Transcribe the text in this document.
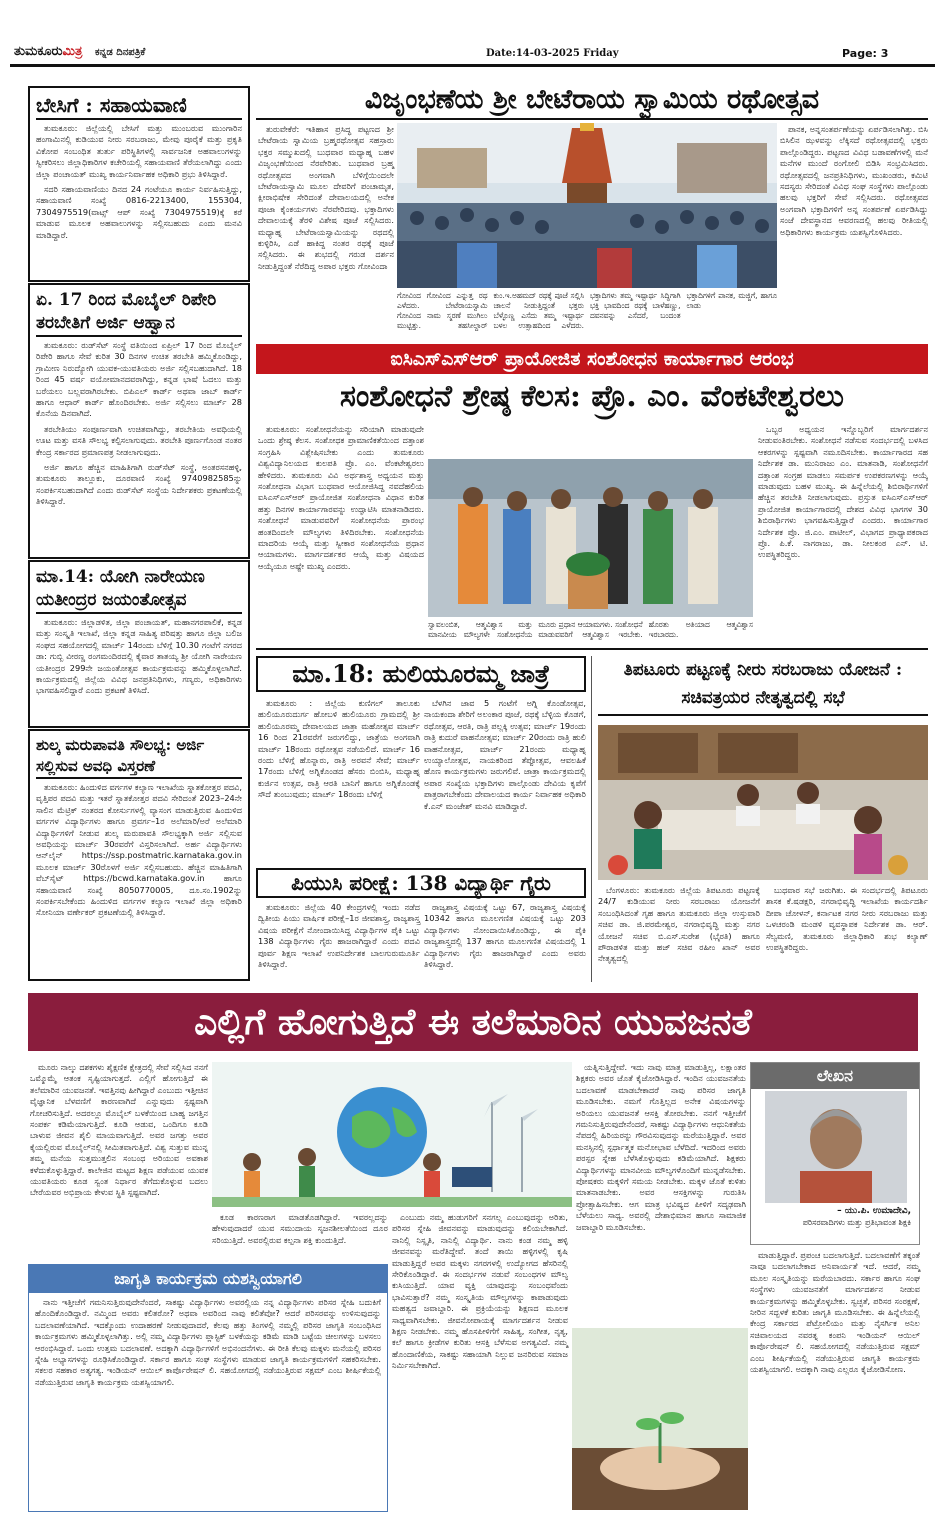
ತುಮಕೂರುಮಿತ್ರ ಕನ್ನಡ ದಿನಪತ್ರಿಕೆ	Date:14-03-2025 Friday	Page: 3
ಬೇಸಿಗೆ : ಸಹಾಯವಾಣಿ

ತುಮಕೂರು: ಜಿಲ್ಲೆಯಲ್ಲಿ ಬೇಸಿಗೆ ಮತ್ತು ಮುಂಬರುವ ಮುಂಗಾರಿನ ಹಂಗಾಮಿನಲ್ಲಿ ಕುಡಿಯುವ ನೀರು ಸರಬರಾಜು, ಮೇವು ಪೂರೈಕೆ ಮತ್ತು ಪ್ರಕೃತಿ ವಿಕೋಪ ಸಂಬಂಧಿತ ತುರ್ತು ಪರಿಸ್ಥಿತಿಗಳಲ್ಲಿ ಸಾರ್ವಜನಿಕ ಅಹವಾಲುಗಳನ್ನು ಸ್ವೀಕರಿಸಲು ಜಿಲ್ಲಾಧಿಕಾರಿಗಳ ಕಚೇರಿಯಲ್ಲಿ ಸಹಾಯವಾಣಿ ತೆರೆಯಲಾಗಿದ್ದು ಎಂದು ಜಿಲ್ಲಾ ಪಂಚಾಯತ್ ಮುಖ್ಯ ಕಾರ್ಯನಿರ್ವಾಹಕ ಅಧಿಕಾರಿ ಪ್ರಭು ತಿಳಿಸಿದ್ದಾರೆ.

ಸದರಿ ಸಹಾಯವಾಣಿಯು ದಿನದ 24 ಗಂಟೆಯೂ ಕಾರ್ಯ ನಿರ್ವಹಿಸುತ್ತಿದ್ದು, ಸಹಾಯವಾಣಿ ಸಂಖ್ಯೆ 0816-2213400, 155304, 7304975519(ವಾಟ್ಸ್ ಆಪ್ ಸಂಖ್ಯೆ 7304975519)ಕ್ಕೆ ಕರೆ ಮಾಡುವ ಮೂಲಕ ಅಹವಾಲುಗಳನ್ನು ಸಲ್ಲಿಸಬಹುದು ಎಂದು ಮನವಿ ಮಾಡಿದ್ದಾರೆ.

ಏ. 17 ರಿಂದ ಮೊಬೈಲ್ ರಿಪೇರಿ ತರಬೇತಿಗೆ ಅರ್ಜಿ ಆಹ್ವಾನ

ತುಮಕೂರು: ರುಡ್‌ಸೆಟ್ ಸಂಸ್ಥೆ ವತಿಯಿಂದ ಏಪ್ರಿಲ್ 17 ರಿಂದ ಮೊಬೈಲ್ ರಿಪೇರಿ ಹಾಗೂ ಸೇವೆ ಕುರಿತ 30 ದಿನಗಳ ಉಚಿತ ತರಬೇತಿ ಹಮ್ಮಿಕೊಂಡಿದ್ದು, ಗ್ರಾಮೀಣ ನಿರುದ್ಯೋಗಿ ಯುವಕ-ಯುವತಿಯರು ಅರ್ಜಿ ಸಲ್ಲಿಸಬಹುದಾಗಿದೆ. 18 ರಿಂದ 45 ವರ್ಷ ವಯೋಮಾನದವರಾಗಿದ್ದು, ಕನ್ನಡ ಭಾಷೆ ಓದಲು ಮತ್ತು ಬರೆಯಲು ಬಲ್ಲವರಾಗಿರಬೇಕು. ಬಿಪಿಎಲ್ ಕಾರ್ಡ್ ಅಥವಾ ಜಾಬ್ ಕಾರ್ಡ್ ಹಾಗೂ ಆಧಾರ್ ಕಾರ್ಡ್ ಹೊಂದಿರಬೇಕು. ಅರ್ಜಿ ಸಲ್ಲಿಸಲು ಮಾರ್ಚ್ 28 ಕೊನೆಯ ದಿನವಾಗಿದೆ.

ತರಬೇತಿಯು ಸಂಪೂರ್ಣವಾಗಿ ಉಚಿತವಾಗಿದ್ದು, ತರಬೇತಿಯ ಅವಧಿಯಲ್ಲಿ ಊಟ ಮತ್ತು ವಸತಿ ಸೌಲಭ್ಯ ಕಲ್ಪಿಸಲಾಗುವುದು. ತರಬೇತಿ ಪೂರ್ಣಗೊಂಡ ನಂತರ ಕೇಂದ್ರ ಸರ್ಕಾರದ ಪ್ರಮಾಣಪತ್ರ ನೀಡಲಾಗುವುದು.

ಅರ್ಜಿ ಹಾಗೂ ಹೆಚ್ಚಿನ ಮಾಹಿತಿಗಾಗಿ ರುಡ್‌ಸೆಟ್ ಸಂಸ್ಥೆ, ಅಂತರಸನಹಳ್ಳಿ, ತುಮಕೂರು ತಾಲ್ಲೂಕು, ದೂರವಾಣಿ ಸಂಖ್ಯೆ 9740982585ನ್ನು ಸಂಪರ್ಕಿಸಬಹುದಾಗಿದೆ ಎಂದು ರುಡ್‌ಸೆಟ್ ಸಂಸ್ಥೆಯ ನಿರ್ದೇಶಕರು ಪ್ರಕಟಣೆಯಲ್ಲಿ ತಿಳಿಸಿದ್ದಾರೆ.

ಮಾ.14: ಯೋಗಿ ನಾರೇಯಣ ಯತೀಂದ್ರರ ಜಯಂತೋತ್ಸವ

ತುಮಕೂರು: ಜಿಲ್ಲಾಡಳಿತ, ಜಿಲ್ಲಾ ಪಂಚಾಯತ್, ಮಹಾನಗರಪಾಲಿಕೆ, ಕನ್ನಡ ಮತ್ತು ಸಂಸ್ಕೃತಿ ಇಲಾಖೆ, ಜಿಲ್ಲಾ ಕನ್ನಡ ಸಾಹಿತ್ಯ ಪರಿಷತ್ತು ಹಾಗೂ ಜಿಲ್ಲಾ ಬಲಿಜ ಸಂಘದ ಸಹಯೋಗದಲ್ಲಿ ಮಾರ್ಚ್ 14ರಂದು ಬೆಳಿಗ್ಗೆ 10.30 ಗಂಟೆಗೆ ನಗರದ ಡಾ: ಗುಬ್ಬಿ ವೀರಣ್ಣ ರಂಗಮಂದಿರದಲ್ಲಿ ಕೈವಾರ ತಾತಯ್ಯ ಶ್ರೀ ಯೋಗಿ ನಾರೇಯಣ ಯತೀಂದ್ರರ 299ನೇ ಜಯಂತೋತ್ಸವ ಕಾರ್ಯಕ್ರಮವನ್ನು ಹಮ್ಮಿಕೊಳ್ಳಲಾಗಿದೆ. ಕಾರ್ಯಕ್ರಮದಲ್ಲಿ ಜಿಲ್ಲೆಯ ವಿವಿಧ ಜನಪ್ರತಿನಿಧಿಗಳು, ಗಣ್ಯರು, ಅಧಿಕಾರಿಗಳು ಭಾಗವಹಿಸಲಿದ್ದಾರೆ ಎಂದು ಪ್ರಕಟಣೆ ತಿಳಿಸಿದೆ.

ಶುಲ್ಕ ಮರುಪಾವತಿ ಸೌಲಭ್ಯ: ಅರ್ಜಿ ಸಲ್ಲಿಸುವ ಅವಧಿ ವಿಸ್ತರಣೆ

ತುಮಕೂರು: ಹಿಂದುಳಿದ ವರ್ಗಗಳ ಕಲ್ಯಾಣ ಇಲಾಖೆಯ ಸ್ನಾತಕೋತ್ತರ ಪದವಿ, ವೃತ್ತಿಪರ ಪದವಿ ಮತ್ತು ಇತರೆ ಸ್ನಾತಕೋತ್ತರ ಪದವಿ ಸೇರಿದಂತೆ 2023–24ನೇ ಸಾಲಿನ ಮೆಟ್ರಿಕ್ ನಂತರದ ಕೋರ್ಸುಗಳಲ್ಲಿ ವ್ಯಾಸಂಗ ಮಾಡುತ್ತಿರುವ ಹಿಂದುಳಿದ ವರ್ಗಗಳ ವಿದ್ಯಾರ್ಥಿಗಳು ಹಾಗೂ ಪ್ರವರ್ಗ–1ರ ಅಲೆಮಾರಿ/ಅರೆ ಅಲೆಮಾರಿ ವಿದ್ಯಾರ್ಥಿಗಳಿಗೆ ನೀಡುವ ಶುಲ್ಕ ಮರುಪಾವತಿ ಸೌಲಭ್ಯಕ್ಕಾಗಿ ಅರ್ಜಿ ಸಲ್ಲಿಸುವ ಅವಧಿಯನ್ನು ಮಾರ್ಚ್ 30ರವರೆಗೆ ವಿಸ್ತರಿಸಲಾಗಿದೆ. ಅರ್ಹ ವಿದ್ಯಾರ್ಥಿಗಳು ಆನ್‌ಲೈನ್ https://ssp.postmatric.karnataka.gov.in ಮೂಲಕ ಮಾರ್ಚ್ 30ರೊಳಗೆ ಅರ್ಜಿ ಸಲ್ಲಿಸಬಹುದು. ಹೆಚ್ಚಿನ ಮಾಹಿತಿಗಾಗಿ ವೆಬ್‌ಸೈಟ್ https://bcwd.karnataka.gov.in ಹಾಗೂ ಸಹಾಯವಾಣಿ ಸಂಖ್ಯೆ 8050770005, ದೂ.ಸಂ.1902ನ್ನು ಸಂಪರ್ಕಿಸಬೇಕೆಂದು ಹಿಂದುಳಿದ ವರ್ಗಗಳ ಕಲ್ಯಾಣ ಇಲಾಖೆ ಜಿಲ್ಲಾ ಅಧಿಕಾರಿ ಸೋನಿಯಾ ವರ್ಣೇಕರ್ ಪ್ರಕಟಣೆಯಲ್ಲಿ ತಿಳಿಸಿದ್ದಾರೆ.

ವಿಜೃಂಭಣೆಯ ಶ್ರೀ ಬೇಟೆರಾಯ ಸ್ವಾಮಿಯ ರಥೋತ್ಸವ

ತುರುವೇಕೆರೆ: ಇತಿಹಾಸ ಪ್ರಸಿದ್ಧ ಪಟ್ಟಣದ ಶ್ರೀ ಬೇಟೆರಾಯ ಸ್ವಾಮಿಯ ಬ್ರಹ್ಮರಥೋತ್ಸವ ಸಹಸ್ರಾರು ಭಕ್ತರ ಸಮ್ಮುಖದಲ್ಲಿ ಬುಧವಾರ ಮಧ್ಯಾಹ್ನ ಬಹಳ ವಿಜೃಂಭಣೆಯಿಂದ ನೆರವೇರಿತು. ಬುಧವಾರ ಬ್ರಹ್ಮ ರಥೋತ್ಸವದ ಅಂಗವಾಗಿ ಬೆಳಿಗ್ಗೆಯಿಂದಲೇ ಬೇಟೆರಾಯಸ್ವಾಮಿ ಮೂಲ ದೇವರಿಗೆ ಪಂಚಾಮೃತ, ಕ್ಷೀರಾಭಿಷೇಕ ಸೇರಿದಂತೆ ದೇವಾಲಯದಲ್ಲಿ ಅನೇಕ ಪೂಜಾ ಕೈಂಕರ್ಯಗಳು ನೆರವೇರಿದವು. ಭಕ್ತಾದಿಗಳು ದೇವಾಲಯಕ್ಕೆ ತೆರಳಿ ವಿಶೇಷ ಪೂಜೆ ಸಲ್ಲಿಸಿದರು. ಮಧ್ಯಾಹ್ನ ಬೇಟೆರಾಯಸ್ವಾಮಿಯನ್ನು ರಥದಲ್ಲಿ ಕುಳ್ಳಿರಿಸಿ, ಎಡೆ ಹಾಕಿದ್ದ ನಂತರ ರಥಕ್ಕೆ ಪೂಜೆ ಸಲ್ಲಿಸಿದರು. ಈ ಶುಭದಲ್ಲಿ ಗರುಡ ದರ್ಶನ ನೀಡುತ್ತಿದ್ದಂತೆ ನೆರೆದಿದ್ದ ಅಪಾರ ಭಕ್ತರು ಗೋವಿಂದಾ

ಪಾನಕ, ಅನ್ನಸಂತರ್ಪಣೆಯನ್ನು ಏರ್ಪಡಿಸಲಾಗಿತ್ತು. ಬಿಸಿ ಬಿಸಿಲಿನ ಝಳವನ್ನು ಲೆಕ್ಕಿಸದೆ ರಥೋತ್ಸವದಲ್ಲಿ ಭಕ್ತರು ಪಾಲ್ಗೊಂಡಿದ್ದರು. ಪಟ್ಟಣದ ವಿವಿಧ ಬಡಾವಣೆಗಳಲ್ಲಿ ಮನೆ ಮನೆಗಳ ಮುಂದೆ ರಂಗೋಲಿ ಬಿಡಿಸಿ ಸಂಭ್ರಮಿಸಿದರು. ರಥೋತ್ಸವದಲ್ಲಿ ಜನಪ್ರತಿನಿಧಿಗಳು, ಮುಖಂಡರು, ಕಮಿಟಿ ಸದಸ್ಯರು ಸೇರಿದಂತೆ ವಿವಿಧ ಸಂಘ ಸಂಸ್ಥೆಗಳು ಪಾಲ್ಗೊಂಡು ಹಲವು ಭಕ್ತರಿಗೆ ಸೇವೆ ಸಲ್ಲಿಸಿದರು. ರಥೋತ್ಸವದ ಅಂಗವಾಗಿ ಭಕ್ತಾದಿಗಳಿಗೆ ಅನ್ನ ಸಂತರ್ಪಣೆ ಏರ್ಪಡಿಸಿದ್ದು ಸಂಜೆ ದೇವಸ್ಥಾನದ ಆವರಣದಲ್ಲಿ ಹಲವು ರೀತಿಯಲ್ಲಿ ಅಧಿಕಾರಿಗಳು ಕಾರ್ಯಕ್ರಮ ಯಶಸ್ವಿಗೊಳಿಸಿದರು.

ಗೋವಿಂದ ಗೋವಿಂದ ಎನ್ನುತ್ತ ರಥ ಎಳೆದರು. ಬೇಟೆರಾಯಸ್ವಾಮಿ ಗೋವಿಂದ ನಾಮ ಸ್ಮರಣೆ ಮುಗಿಲು ಮುಟ್ಟಿತ್ತು. ತಹಸೀಲ್ದಾರ್ ಕುಂ.ಇ.ಅಹಮದ್ ರಥಕ್ಕೆ ಪೂಜೆ ಸಲ್ಲಿಸಿ ಚಾಲನೆ ನೀಡುತ್ತಿದ್ದಂತೆ ಭಕ್ತರು ಬೆಳ್ಳೊಣ್ಣ ಎಸೆದು ತಮ್ಮ ಇಷ್ಟಾರ್ಥ ಬಳಲ ಉತ್ಸಾಹದಿಂದ ಎಳೆದರು. ಭಕ್ತಾದಿಗಳು ತಮ್ಮ ಇಷ್ಟಾರ್ಥ ಸಿದ್ಧಿಗಾಗಿ ಭಕ್ತಿ ಭಾವದಿಂದ ರಥಕ್ಕೆ ಬಾಳೆಹಣ್ಣು, ದವನವನ್ನು ಎಸೆದರೆ, ಬಂದಂತ ಭಕ್ತಾದಿಗಳಿಗೆ ಪಾನಕ, ಮಜ್ಜಿಗೆ, ಹಾಗೂ ಲಾಡು
ಐಸಿಎಸ್‌ಎಸ್‌ಆರ್ ಪ್ರಾಯೋಜಿತ ಸಂಶೋಧನ ಕಾರ್ಯಾಗಾರ ಆರಂಭ
ಸಂಶೋಧನೆ ಶ್ರೇಷ್ಠ ಕೆಲಸ: ಪ್ರೊ. ಎಂ. ವೆಂಕಟೇಶ್ವರಲು

ತುಮಕೂರು: ಸಂಶೋಧನೆಯನ್ನು ಸರಿಯಾಗಿ ಮಾಡುವುದೇ ಒಂದು ಶ್ರೇಷ್ಠ ಕೆಲಸ. ಸಂಶೋಧಕ ಪ್ರಾಮಾಣಿಕತೆಯಿಂದ ದತ್ತಾಂಶ ಸಂಗ್ರಹಿಸಿ ವಿಶ್ಲೇಷಿಸಬೇಕು ಎಂದು ತುಮಕೂರು ವಿಶ್ವವಿದ್ಯಾನಿಲಯದ ಕುಲಪತಿ ಪ್ರೊ. ಎಂ. ವೆಂಕಟೇಶ್ವರಲು ಹೇಳಿದರು. ತುಮಕೂರು ವಿವಿ ಅರ್ಥಶಾಸ್ತ್ರ ಅಧ್ಯಯನ ಮತ್ತು ಸಂಶೋಧನಾ ವಿಭಾಗ ಬುಧವಾರ ಆಯೋಜಿಸಿದ್ದ ನವದೆಹಲಿಯ ಐಸಿಎಸ್‌ಎಸ್‌ಆರ್ ಪ್ರಾಯೋಜಿತ ಸಂಶೋಧನಾ ವಿಧಾನ ಕುರಿತ ಹತ್ತು ದಿನಗಳ ಕಾರ್ಯಾಗಾರವನ್ನು ಉದ್ಘಾಟಿಸಿ ಮಾತನಾಡಿದರು. ಸಂಶೋಧನೆ ಮಾಡುವವರಿಗೆ ಸಂಶೋಧನೆಯ ಪ್ರಾರಂಭ ಹಂತದಿಂದಲೇ ಮೌಲ್ಯಗಳು ತಿಳಿದಿರಬೇಕು. ಸಂಶೋಧನೆಯ ಮಾದರಿಯ ಆಯ್ಕೆ ಮತ್ತು ಸ್ವೀಕಾರ ಸಂಶೋಧನೆಯ ಪ್ರಧಾನ ಆಯಾಮಗಳು. ಮಾರ್ಗದರ್ಶಕರ ಆಯ್ಕೆ ಮತ್ತು ವಿಷಯದ ಆಯ್ಕೆಯೂ ಅಷ್ಟೇ ಮುಖ್ಯ ಎಂದರು.

ಸ್ವಾವಲಂಬಿತ, ಆತ್ಮವಿಶ್ವಾಸ ಮತ್ತು ಮಾನವೀಯ ಮೌಲ್ಯಗಳೇ ಸಂಶೋಧನೆಯ ಮೂರು ಪ್ರಧಾನ ಆಯಾಮಗಳು. ಸಂಶೋಧನೆ ಮಾಡುವವರಿಗೆ ಆತ್ಮವಿಶ್ವಾಸ ಇರಬೇಕು. ಹೊರತು ಅತಿಯಾದ ಆತ್ಮವಿಶ್ವಾಸ ಇರಬಾರದು.

ಒಬ್ಬರ ಅಧ್ಯಯನ ಇನ್ನೊಬ್ಬರಿಗೆ ಮಾರ್ಗದರ್ಶನ ನೀಡುವಂತಿರಬೇಕು. ಸಂಶೋಧನೆ ನಡೆಸುವ ಸಂದರ್ಭದಲ್ಲಿ ಬಳಸಿದ ಆಕರಗಳನ್ನು ಸ್ಪಷ್ಟವಾಗಿ ನಮೂದಿಸಬೇಕು. ಕಾರ್ಯಾಗಾರದ ಸಹ ನಿರ್ದೇಶಕ ಡಾ. ಮುನಿರಾಜು ಎಂ. ಮಾತನಾಡಿ, ಸಂಶೋಧನೆಗೆ ದತ್ತಾಂಶ ಸಂಗ್ರಹ ಮಾಡಲು ಸಮರ್ಪಕ ಉಪಕರಣಗಳನ್ನು ಆಯ್ಕೆ ಮಾಡುವುದು ಬಹಳ ಮುಖ್ಯ. ಈ ಹಿನ್ನೆಲೆಯಲ್ಲಿ ಶಿಬಿರಾರ್ಥಿಗಳಿಗೆ ಹೆಚ್ಚಿನ ತರಬೇತಿ ನೀಡಲಾಗುವುದು. ಪ್ರಸ್ತುತ ಐಸಿಎಸ್‌ಎಸ್‌ಆರ್ ಪ್ರಾಯೋಜಿತ ಕಾರ್ಯಾಗಾರದಲ್ಲಿ ದೇಶದ ವಿವಿಧ ಭಾಗಗಳ 30 ಶಿಬಿರಾರ್ಥಿಗಳು ಭಾಗವಹಿಸುತ್ತಿದ್ದಾರೆ ಎಂದರು. ಕಾರ್ಯಾಗಾರ ನಿರ್ದೇಶಕ ಪ್ರೊ. ಜಿ.ಎಂ. ಪಾಟೀಲ್, ವಿಭಾಗದ ಪ್ರಾಧ್ಯಾಪಕರಾದ ಪ್ರೊ. ಪಿ.ಕೆ. ನಾಗರಾಜು, ಡಾ. ನೀಲಕಂಠ ಎನ್. ಟಿ. ಉಪಸ್ಥಿತರಿದ್ದರು.

ಮಾ.18: ಹುಲಿಯೂರಮ್ಮ ಜಾತ್ರೆ

ತುಮಕೂರು : ಜಿಲ್ಲೆಯ ಕುಣಿಗಲ್ ತಾಲೂಕು ಹುಲಿಯೂರುದುರ್ಗ ಹೋಬಳಿ ಹುಲಿಯೂರು ಗ್ರಾಮದಲ್ಲಿ ಶ್ರೀ ಹುಲಿಯೂರಮ್ಮ ದೇವಾಲಯದ ಜಾತ್ರಾ ಮಹೋತ್ಸವ ಮಾರ್ಚ್ 16 ರಿಂದ 21ರವರೆಗೆ ಜರುಗಲಿದ್ದು, ಜಾತ್ರೆಯ ಅಂಗವಾಗಿ ಮಾರ್ಚ್ 18ರಂದು ರಥೋತ್ಸವ ನಡೆಯಲಿದೆ. ಮಾರ್ಚ್ 16 ರಂದು ಬೆಳಿಗ್ಗೆ ಹೊನ್ನಾರು, ರಾತ್ರಿ ಅರವನೆ ಸೇವೆ; ಮಾರ್ಚ್ 17ರಂದು ಬೆಳಿಗ್ಗೆ ಅಗ್ನಿಕೊಂಡದ ಹೆಸರು ಬಿಂಬಿಸಿ, ಮಧ್ಯಾಹ್ನ ಕುರ್ಜಿನ ಉತ್ಸವ, ರಾತ್ರಿ ಆರತಿ ಬಾನಿಗೆ ಹಾಗೂ ಅಗ್ನಿಕೊಂಡಕ್ಕೆ ಸೌದೆ ತುಂಬುವುದು; ಮಾರ್ಚ್ 18ರಂದು ಬೆಳಿಗ್ಗೆ

ಬೆಳಗಿನ ಜಾವ 5 ಗಂಟೆಗೆ ಅಗ್ನಿ ಕೊಂಡೋತ್ಸವ, ನಾಯಕಂದಾ ಶೇರಿಗೆ ಅಲಂಕಾರ ಪೂಜೆ, ರಥಕ್ಕೆ ಬೆಳ್ಳಿಯ ಕೊಡಗೆ, ರಥೋತ್ಸವ, ಆರತಿ, ರಾತ್ರಿ ಪಲ್ಲಕ್ಕಿ ಉತ್ಸವ; ಮಾರ್ಚ್ 19ರಂದು ರಾತ್ರಿ ಕುದುರೆ ವಾಹನೋತ್ಸವ; ಮಾರ್ಚ್ 20ರಂದು ರಾತ್ರಿ ಹುಲಿ ವಾಹನೋತ್ಸವ, ಮಾರ್ಚ್ 21ರಂದು ಮಧ್ಯಾಹ್ನ ಉಯ್ಯಾಲೋತ್ಸವ, ನಾಯಕರಿಂದ ತೆಪ್ಪೋತ್ಸವ, ಆವಲಹಿಕೆ ಹೊಣ ಕಾರ್ಯಕ್ರಮಗಳು ಜರುಗಲಿವೆ. ಜಾತ್ರಾ ಕಾರ್ಯಕ್ರಮದಲ್ಲಿ ಅಪಾರ ಸಂಖ್ಯೆಯ ಭಕ್ತಾದಿಗಳು ಪಾಲ್ಗೊಂಡು ದೇವಿಯ ಕೃಪೆಗೆ ಪಾತ್ರರಾಗಬೇಕೆಂದು ದೇವಾಲಯದ ಕಾರ್ಯ ನಿರ್ವಾಹಕ ಅಧಿಕಾರಿ ಕೆ.ಎನ್ ಮಂಜೇಶ್ ಮನವಿ ಮಾಡಿದ್ದಾರೆ.

ಪಿಯುಸಿ ಪರೀಕ್ಷೆ: 138 ವಿದ್ಯಾರ್ಥಿ ಗೈರು

ತುಮಕೂರು: ಜಿಲ್ಲೆಯ 40 ಕೇಂದ್ರಗಳಲ್ಲಿ ಇಂದು ನಡೆದ ದ್ವಿತೀಯ ಪಿಯು ವಾರ್ಷಿಕ ಪರೀಕ್ಷೆ–1ರ ಜೀವಶಾಸ್ತ್ರ, ರಾಜ್ಯಶಾಸ್ತ್ರ ವಿಷಯ ಪರೀಕ್ಷೆಗೆ ನೋಂದಾಯಿಸಿದ್ದ ವಿದ್ಯಾರ್ಥಿಗಳ ಪೈಕಿ ಒಟ್ಟು 138 ವಿದ್ಯಾರ್ಥಿಗಳು ಗೈರು ಹಾಜರಾಗಿದ್ದಾರೆ ಎಂದು ಪದವಿ ಪೂರ್ವ ಶಿಕ್ಷಣ ಇಲಾಖೆ ಉಪನಿರ್ದೇಶಕ ಬಾಲಗುರುಮೂರ್ತಿ ತಿಳಿಸಿದ್ದಾರೆ.

ರಾಜ್ಯಶಾಸ್ತ್ರ ವಿಷಯಕ್ಕೆ ಒಟ್ಟು 67, ರಾಜ್ಯಶಾಸ್ತ್ರ ವಿಷಯಕ್ಕೆ 10342 ಹಾಗೂ ಮೂಲಗಣಿತ ವಿಷಯಕ್ಕೆ ಒಟ್ಟು 203 ವಿದ್ಯಾರ್ಥಿಗಳು ನೋಂದಾಯಿಸಿಕೊಂಡಿದ್ದು, ಈ ಪೈಕಿ ರಾಜ್ಯಶಾಸ್ತ್ರದಲ್ಲಿ 137 ಹಾಗೂ ಮೂಲಗಣಿತ ವಿಷಯದಲ್ಲಿ 1 ವಿದ್ಯಾರ್ಥಿಗಳು ಗೈರು ಹಾಜರಾಗಿದ್ದಾರೆ ಎಂದು ಅವರು ತಿಳಿಸಿದ್ದಾರೆ.

ತಿಪಟೂರು ಪಟ್ಟಣಕ್ಕೆ ನೀರು ಸರಬರಾಜು ಯೋಜನೆ : ಸಚಿವತ್ರಯರ ನೇತೃತ್ವದಲ್ಲಿ ಸಭೆ

ಬೆಂಗಳೂರು: ತುಮಕೂರು ಜಿಲ್ಲೆಯ ತಿಪಟೂರು ಪಟ್ಟಣಕ್ಕೆ 24/7 ಕುಡಿಯುವ ನೀರು ಸರಬರಾಜು ಯೋಜನೆಗೆ ಸಂಬಂಧಿಸಿದಂತೆ ಗೃಹ ಹಾಗೂ ತುಮಕೂರು ಜಿಲ್ಲಾ ಉಸ್ತುವಾರಿ ಸಚಿವ ಡಾ. ಜಿ.ಪರಮೇಶ್ವರ, ನಗರಾಭಿವೃದ್ಧಿ ಮತ್ತು ನಗರ ಯೋಜನೆ ಸಚಿವ ಬಿ.ಎಸ್.ಸುರೇಶ (ಭೈರತಿ) ಹಾಗೂ ಪೌರಾಡಳಿತ ಮತ್ತು ಹಜ್ ಸಚಿವ ರಹೀಂ ಖಾನ್ ಅವರ ನೇತೃತ್ವದಲ್ಲಿ

ಬುಧವಾರ ಸಭೆ ಜರುಗಿತು. ಈ ಸಂದರ್ಭದಲ್ಲಿ ತಿಪಟೂರು ಶಾಸಕ ಕೆ.ಷಡಕ್ಷರಿ, ನಗರಾಭಿವೃದ್ಧಿ ಇಲಾಖೆಯ ಕಾರ್ಯದರ್ಶಿ ದೀಪಾ ಚೋಳನ್, ಕರ್ನಾಟಕ ನಗರ ನೀರು ಸರಬರಾಜು ಮತ್ತು ಒಳಚರಂಡಿ ಮಂಡಳಿ ವ್ಯವಸ್ಥಾಪಕ ನಿರ್ದೇಶಕ ಡಾ. ಆರ್. ಸೆಲ್ವಮಣಿ, ತುಮಕೂರು ಜಿಲ್ಲಾಧಿಕಾರಿ ಶುಭ ಕಲ್ಯಾಣ್ ಉಪಸ್ಥಿತರಿದ್ದರು.

ಎಲ್ಲಿಗೆ ಹೋಗುತ್ತಿದೆ ಈ ತಲೆಮಾರಿನ ಯುವಜನತೆ

ಮೂರು ನಾಲ್ಕು ದಶಕಗಳು ಶೈಕ್ಷಣಿಕ ಕ್ಷೇತ್ರದಲ್ಲಿ ಸೇವೆ ಸಲ್ಲಿಸಿದ ನನಗೆ ಒಮ್ಮೊಮ್ಮೆ ಆತಂಕ ಸೃಷ್ಟಿಯಾಗುತ್ತದೆ. ಎಲ್ಲಿಗೆ ಹೋಗುತ್ತಿದೆ ಈ ತಲೆಮಾರಿನ ಯುವಜನತೆ. ಇವತ್ತಿನವು ಹೀಗಿದ್ದಾರೆ ಎಂಬುದು ಇತ್ತೀಚಿನ ವೈಜ್ಞಾನಿಕ ಬೆಳವಣಿಗೆ ಕಾರಣವಾಗಿದೆ ಎನ್ನುವುದು ಸ್ಪಷ್ಟವಾಗಿ ಗೋಚರಿಸುತ್ತಿದೆ. ಅದರಲ್ಲೂ ಮೊಬೈಲ್ ಬಳಕೆಯಿಂದ ಬಾಹ್ಯ ಜಗತ್ತಿನ ಸಂಪರ್ಕ ಕಡಿಮೆಯಾಗುತ್ತಿದೆ. ಕೂಡಿ ಆಡುವ, ಒಂದಿಗೂ ಕೂಡಿ ಬಾಳುವ ಜೀವನ ಶೈಲಿ ಮಾಯವಾಗುತ್ತಿದೆ. ಅವರ ಜಗತ್ತು ಅವರ ಕೈಯಲ್ಲಿರುವ ಮೊಬೈಲ್‌ನಲ್ಲಿ ಸೀಮಿತವಾಗುತ್ತಿದೆ. ವಿಶ್ವ ಸುತ್ತುವ ಮುನ್ನ ತಮ್ಮ ಮನೆಯ ಸುತ್ತಮುತ್ತಲಿನ ಸಂಬಂಧ ಅರಿಯುವ ಅವಕಾಶ ಕಳೆದುಕೊಳ್ಳುತ್ತಿದ್ದಾರೆ. ಕಾಲೇಜಿನ ಮಟ್ಟದ ಶಿಕ್ಷಣ ಪಡೆಯುವ ಯುವಕ ಯುವತಿಯರು ಕೂಡ ಸ್ವಂತ ನಿರ್ಧಾರ ತೆಗೆದುಕೊಳ್ಳುವ ಬದಲು ಬೇರೆಯವರ ಅಭಿಪ್ರಾಯ ಕೇಳುವ ಸ್ಥಿತಿ ಸ್ಪಷ್ಟವಾಗಿದೆ.

ಕೂಡ ಕಾರಣರಾಗ ಮಾಡತೊಡಗಿದ್ದಾರೆ. ಇವರಲ್ಲದನ್ನು ಹೇಳುವುದಾದರೆ ಯುವ ಸಮುದಾಯ ಸೃಜನಶೀಲತೆಯಿಂದ ದೂರ ಸರಿಯುತ್ತಿದೆ. ಅವರಲ್ಲಿರುವ ಕಲ್ಪನಾ ಶಕ್ತಿ ಕುಂದುತ್ತಿದೆ.

ಎಂಬುದು ನಮ್ಮ ಹುಡುಗರಿಗೆ ಸನಗಲ್ಲ ಎಂಬುವುದನ್ನು ಅರಿತು, ಪರಿಸರ ಸ್ನೇಹಿ ಜೀವನವನ್ನು ಮಾಡುವುದನ್ನು ಕಲಿಯಬೇಕಾಗಿದೆ. ನಾನಿಲ್ಲಿ ನಿಸ್ಸೃತಿ, ನಾನಿಲ್ಲಿ ವಿದ್ಯಾರ್ಥಿ. ನಾನು ಕಂಡ ನಮ್ಮ ಹಳ್ಳಿ ಜೀವನವನ್ನು ಮರೆತಿದ್ದೇವೆ. ತಂದೆ ತಾಯಿ ಹಳ್ಳಿಗಳಲ್ಲಿ ಕೃಷಿ ಮಾಡುತ್ತಿದ್ದರೆ ಅವರ ಮಕ್ಕಳು ನಗರಗಳಲ್ಲಿ ಉದ್ಯೋಗದ ಹೆಸರಿನಲ್ಲಿ ಸೇರಿಕೊಂಡಿದ್ದಾರೆ. ಈ ಸಂದರ್ಭಗಳ ನಡುವೆ ಸಂಬಂಧಗಳ ಮೌಲ್ಯ ಕುಸಿಯುತ್ತಿದೆ. ಯಾವ ವ್ಯಕ್ತಿ ಯಾವುದನ್ನು ಸಂಬಂಧವೆಂದು ಭಾವಿಸುತ್ತಾರೆ? ನಮ್ಮ ಸಂಸ್ಕೃತಿಯ ಮೌಲ್ಯಗಳನ್ನು ಕಾಪಾಡುವುದು ಮಹತ್ವದ ಜವಾಬ್ದಾರಿ. ಈ ಪ್ರಕ್ರಿಯೆಯನ್ನು ಶಿಕ್ಷಣದ ಮೂಲಕ ಸಾಧ್ಯವಾಗಿಸಬೇಕು. ಜೀವನೋಪಾಯಕ್ಕೆ ಮಾರ್ಗದರ್ಶನ ನೀಡುವ ಶಿಕ್ಷಣ ನೀಡಬೇಕು. ನಮ್ಮ ಹೊಸಪೀಳಿಗೆಗೆ ಸಾಹಿತ್ಯ, ಸಂಗೀತ, ನೃತ್ಯ, ಕಲೆ ಹಾಗೂ ಕ್ರೀಡೆಗಳ ಕುರಿತು ಆಸಕ್ತಿ ಬೆಳೆಸುವ ಅಗತ್ಯವಿದೆ. ನಮ್ಮ ಹೊಂದಾಣಿಕೆಯ, ಸಾಕಷ್ಟು ಸಹಾಯಾಗಿ ನಿಲ್ಲುವ ಜನರಿರುವ ಸಮಾಜ ನಿರ್ಮಿಸಬೇಕಾಗಿದೆ.

ಯತ್ನಿಸುತ್ತಿದ್ದೇವೆ. ಇದು ನಾವು ಮಾತ್ರ ಮಾಡುತ್ತಿಲ್ಲ, ಲಕ್ಷಾಂತರ ಶಿಕ್ಷಕರು ಅವರ ಜೊತೆ ಕೈಜೋಡಿಸಿದ್ದಾರೆ. ಇಂದಿನ ಯುವಜನತೆಯ ಬದಲಾವಣೆ ಮಾಡಬೇಕಾದರೆ ನಾವು ಪರಿಸರ ಜಾಗೃತಿ ಮೂಡಿಸಬೇಕು. ನಮಗೆ ಗೊತ್ತಿಲ್ಲದ ಅನೇಕ ವಿಷಯಗಳನ್ನು ಅರಿಯಲು ಯುವಜನತೆ ಆಸಕ್ತಿ ತೋರಬೇಕು. ನನಗೆ ಇತ್ತೀಚೆಗೆ ಗಮನಿಸುತ್ತಿರುವುದೇನೆಂದರೆ, ಸಾಕಷ್ಟು ವಿದ್ಯಾರ್ಥಿಗಳು ಆಧುನಿಕತೆಯ ನೆಪದಲ್ಲಿ ಹಿರಿಯರನ್ನು ಗೌರವಿಸುವುದನ್ನು ಮರೆಯುತ್ತಿದ್ದಾರೆ. ಅವರ ಮನಸ್ಸಿನಲ್ಲಿ ಸ್ಪರ್ಧಾತ್ಮಕ ಮನೋಭಾವ ಬೆಳೆದಿದೆ. ಇದರಿಂದ ಅವರು ಪರಸ್ಪರ ಸ್ನೇಹ ಬೆಳೆಸಿಕೊಳ್ಳುವುದು ಕಡಿಮೆಯಾಗಿದೆ. ಶಿಕ್ಷಕರು ವಿದ್ಯಾರ್ಥಿಗಳನ್ನು ಮಾನವೀಯ ಮೌಲ್ಯಗಳೊಂದಿಗೆ ಮುನ್ನಡೆಸಬೇಕು. ಪೋಷಕರು ಮಕ್ಕಳಿಗೆ ಸಮಯ ನೀಡಬೇಕು. ಮಕ್ಕಳ ಜೊತೆ ಕುಳಿತು ಮಾತನಾಡಬೇಕು. ಅವರ ಆಸಕ್ತಿಗಳನ್ನು ಗುರುತಿಸಿ ಪ್ರೋತ್ಸಾಹಿಸಬೇಕು. ಆಗ ಮಾತ್ರ ಭವಿಷ್ಯದ ಪೀಳಿಗೆ ಸದೃಢವಾಗಿ ಬೆಳೆಯಲು ಸಾಧ್ಯ. ಅವರಲ್ಲಿ ದೇಶಾಭಿಮಾನ ಹಾಗೂ ಸಾಮಾಜಿಕ ಜವಾಬ್ದಾರಿ ಮೂಡಿಸಬೇಕು.

ಲೇಖನ
– ಯು.ಪಿ. ಉಮಾದೇವಿ,
ಪರಿಸರವಾದಿಗಳು ಮತ್ತು ಪ್ರತಿಭಾವಂತ ಶಿಕ್ಷಕಿ

ಮಾಡುತ್ತಿದ್ದಾರೆ. ಪ್ರಪಂಚ ಬದಲಾಗುತ್ತಿದೆ. ಬದಲಾವಣೆಗೆ ತಕ್ಕಂತೆ ನಾವೂ ಬದಲಾಗಬೇಕಾದ ಅನಿವಾರ್ಯತೆ ಇದೆ. ಆದರೆ, ನಮ್ಮ ಮೂಲ ಸಂಸ್ಕೃತಿಯನ್ನು ಮರೆಯಬಾರದು. ಸರ್ಕಾರ ಹಾಗೂ ಸಂಘ ಸಂಸ್ಥೆಗಳು ಯುವಜನತೆಗೆ ಮಾರ್ಗದರ್ಶನ ನೀಡುವ ಕಾರ್ಯಕ್ರಮಗಳನ್ನು ಹಮ್ಮಿಕೊಳ್ಳಬೇಕು. ಸ್ವಚ್ಛತೆ, ಪರಿಸರ ಸಂರಕ್ಷಣೆ, ನೀರಿನ ಸದ್ಬಳಕೆ ಕುರಿತು ಜಾಗೃತಿ ಮೂಡಿಸಬೇಕು. ಈ ಹಿನ್ನೆಲೆಯಲ್ಲಿ ಕೇಂದ್ರ ಸರ್ಕಾರದ ಪೆಟ್ರೋಲಿಯಂ ಮತ್ತು ನೈಸರ್ಗಿಕ ಅನಿಲ ಸಚಿವಾಲಯದ ನವರತ್ನ ಕಂಪನಿ ಇಂಡಿಯನ್ ಆಯಿಲ್ ಕಾರ್ಪೊರೇಷನ್ ಲಿ. ಸಹಯೋಗದಲ್ಲಿ ನಡೆಯುತ್ತಿರುವ ಸಕ್ಷಮ್ ಎಂಬ ಶೀರ್ಷಿಕೆಯಲ್ಲಿ ನಡೆಯುತ್ತಿರುವ ಜಾಗೃತಿ ಕಾರ್ಯಕ್ರಮ ಯಶಸ್ವಿಯಾಗಲಿ. ಅದಕ್ಕಾಗಿ ನಾವು ಎಲ್ಲರೂ ಕೈಜೋಡಿಸೋಣ.

ಜಾಗೃತಿ ಕಾರ್ಯಕ್ರಮ ಯಶಸ್ವಿಯಾಗಲಿ

ನಾನು ಇತ್ತೀಚೆಗೆ ಗಮನಿಸುತ್ತಿರುವುದೇನೆಂದರೆ, ಸಾಕಷ್ಟು ವಿದ್ಯಾರ್ಥಿಗಳು ಅವರಲ್ಲಿಯ ನನ್ನ ವಿದ್ಯಾರ್ಥಿಗಳು ಪರಿಸರ ಸ್ನೇಹಿ ಬದುಕಿಗೆ ಹೊಂದಿಕೊಂಡಿದ್ದಾರೆ. ನಮ್ಮಿಂದ ಅವರು ಕಲಿತರೋ? ಅಥವಾ ಅವರಿಂದ ನಾವು ಕಲಿತೆವೋ? ಆದರೆ ಪರಿಸರವನ್ನು ಉಳಿಸುವುದನ್ನು ಬದಲಾವಣೆಯಾಗಿದೆ. ಇದಕ್ಕೊಂದು ಉದಾಹರಣೆ ನೀಡುವುದಾದರೆ, ಕೆಲವು ಹತ್ತು ತಿಂಗಳಲ್ಲಿ ನಮ್ಮಲ್ಲಿ ಪರಿಸರ ಜಾಗೃತಿ ಸಂಬಂಧಿಸಿದ ಕಾರ್ಯಕ್ರಮಗಳು ಹಮ್ಮಿಕೊಳ್ಳಲಾಗಿತ್ತು. ಅಲ್ಲಿ ನಮ್ಮ ವಿದ್ಯಾರ್ಥಿಗಳು ಪ್ಲಾಸ್ಟಿಕ್ ಬಳಕೆಯನ್ನು ಕಡಿಮೆ ಮಾಡಿ ಬಟ್ಟೆಯ ಚೀಲಗಳನ್ನು ಬಳಸಲು ಆರಂಭಿಸಿದ್ದಾರೆ. ಒಂದು ಉತ್ತಮ ಬದಲಾವಣೆ. ಅದಕ್ಕಾಗಿ ವಿದ್ಯಾರ್ಥಿಗಳಿಗೆ ಅಭಿನಂದನೆಗಳು. ಈ ರೀತಿ ಕೆಲವು ಮಕ್ಕಳು ಮನೆಯಲ್ಲಿ ಪರಿಸರ ಸ್ನೇಹಿ ಅಭ್ಯಾಸಗಳನ್ನು ರೂಢಿಸಿಕೊಂಡಿದ್ದಾರೆ. ಸರ್ಕಾರ ಹಾಗೂ ಸಂಘ ಸಂಸ್ಥೆಗಳು ಮಾಡುವ ಜಾಗೃತಿ ಕಾರ್ಯಕ್ರಮಗಳಿಗೆ ಸಹಕರಿಸಬೇಕು. ಸಕಲರ ಸಹಕಾರ ಅತ್ಯಗತ್ಯ. ಇಂಡಿಯನ್ ಆಯಿಲ್ ಕಾರ್ಪೊರೇಷನ್ ಲಿ. ಸಹಯೋಗದಲ್ಲಿ ನಡೆಯುತ್ತಿರುವ ಸಕ್ಷಮ್ ಎಂಬ ಶೀರ್ಷಿಕೆಯಲ್ಲಿ ನಡೆಯುತ್ತಿರುವ ಜಾಗೃತಿ ಕಾರ್ಯಕ್ರಮ ಯಶಸ್ವಿಯಾಗಲಿ.
